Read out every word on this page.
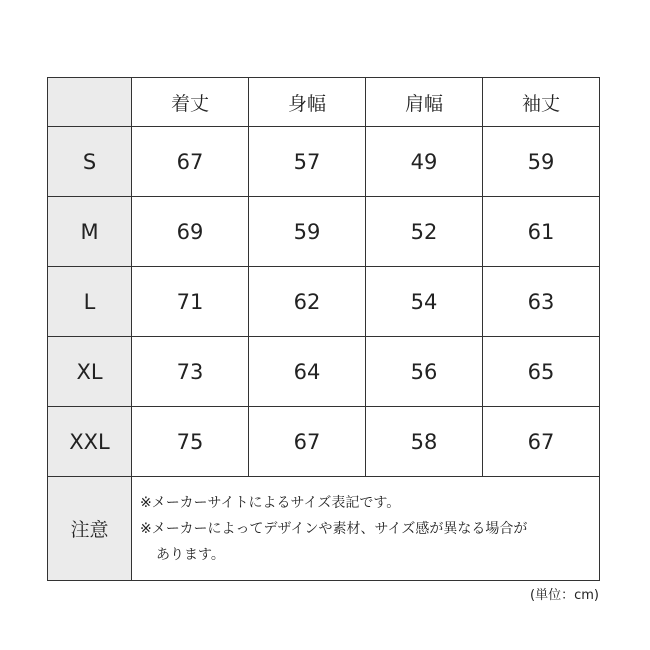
	着丈	身幅	肩幅	袖丈
S	67	57	49	59
M	69	59	52	61
L	71	62	54	63
XL	73	64	56	65
XXL	75	67	58	67
注意	※メーカーサイトによるサイズ表記です。
※メーカーによってデザインや素材、サイズ感が異なる場合が
あります。			
(単位：cm)
